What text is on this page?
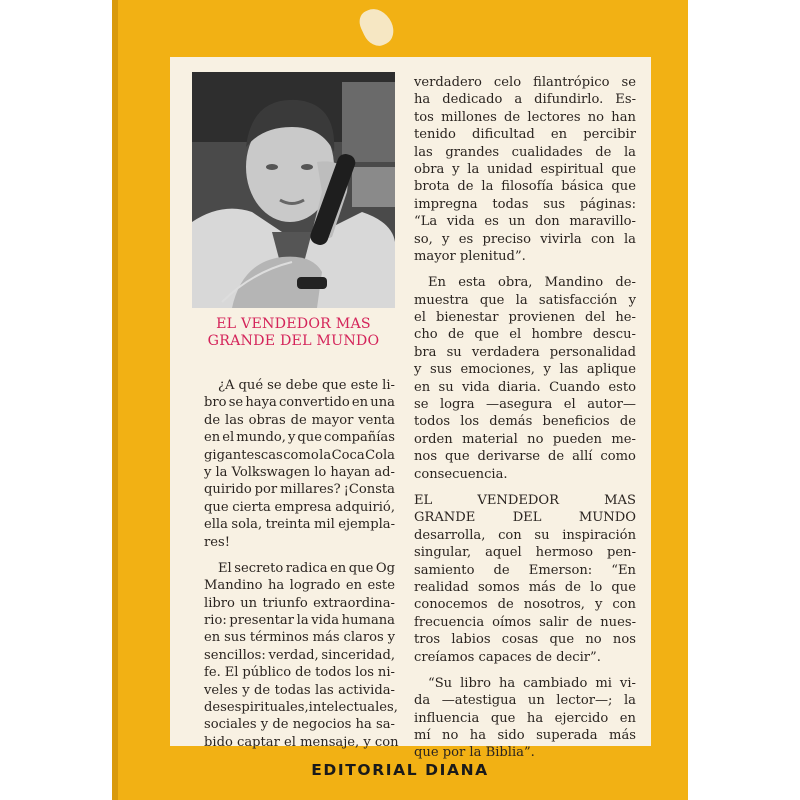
EL VENDEDOR MAS
GRANDE DEL MUNDO
¿A qué se debe que este li-
bro se haya convertido en una
de las obras de mayor venta
en el mundo, y que compañías
gigantescas como la Coca Cola
y la Volkswagen lo hayan ad-
quirido por millares? ¡Consta
que cierta empresa adquirió,
ella sola, treinta mil ejempla-
res!
El secreto radica en que Og
Mandino ha logrado en este
libro un triunfo extraordina-
rio: presentar la vida humana
en sus términos más claros y
sencillos: verdad, sinceridad,
fe. El público de todos los ni-
veles y de todas las activida-
des espirituales, intelectuales,
sociales y de negocios ha sa-
bido captar el mensaje, y con
verdadero celo filantrópico se
ha dedicado a difundirlo. Es-
tos millones de lectores no han
tenido dificultad en percibir
las grandes cualidades de la
obra y la unidad espiritual que
brota de la filosofía básica que
impregna todas sus páginas:
“La vida es un don maravillo-
so, y es preciso vivirla con la
mayor plenitud”.
En esta obra, Mandino de-
muestra que la satisfacción y
el bienestar provienen del he-
cho de que el hombre descu-
bra su verdadera personalidad
y sus emociones, y las aplique
en su vida diaria. Cuando esto
se logra —asegura el autor—
todos los demás beneficios de
orden material no pueden me-
nos que derivarse de allí como
consecuencia.
EL	VENDEDOR	MAS
GRANDE	DEL	MUNDO
desarrolla, con su inspiración
singular, aquel hermoso pen-
samiento de Emerson: “En
realidad somos más de lo que
conocemos de nosotros, y con
frecuencia oímos salir de nues-
tros labios cosas que no nos
creíamos capaces de decir”.
“Su libro ha cambiado mi vi-
da —atestigua un lector—; la
influencia que ha ejercido en
mí no ha sido superada más
que por la Biblia”.
EDITORIAL DIANA
